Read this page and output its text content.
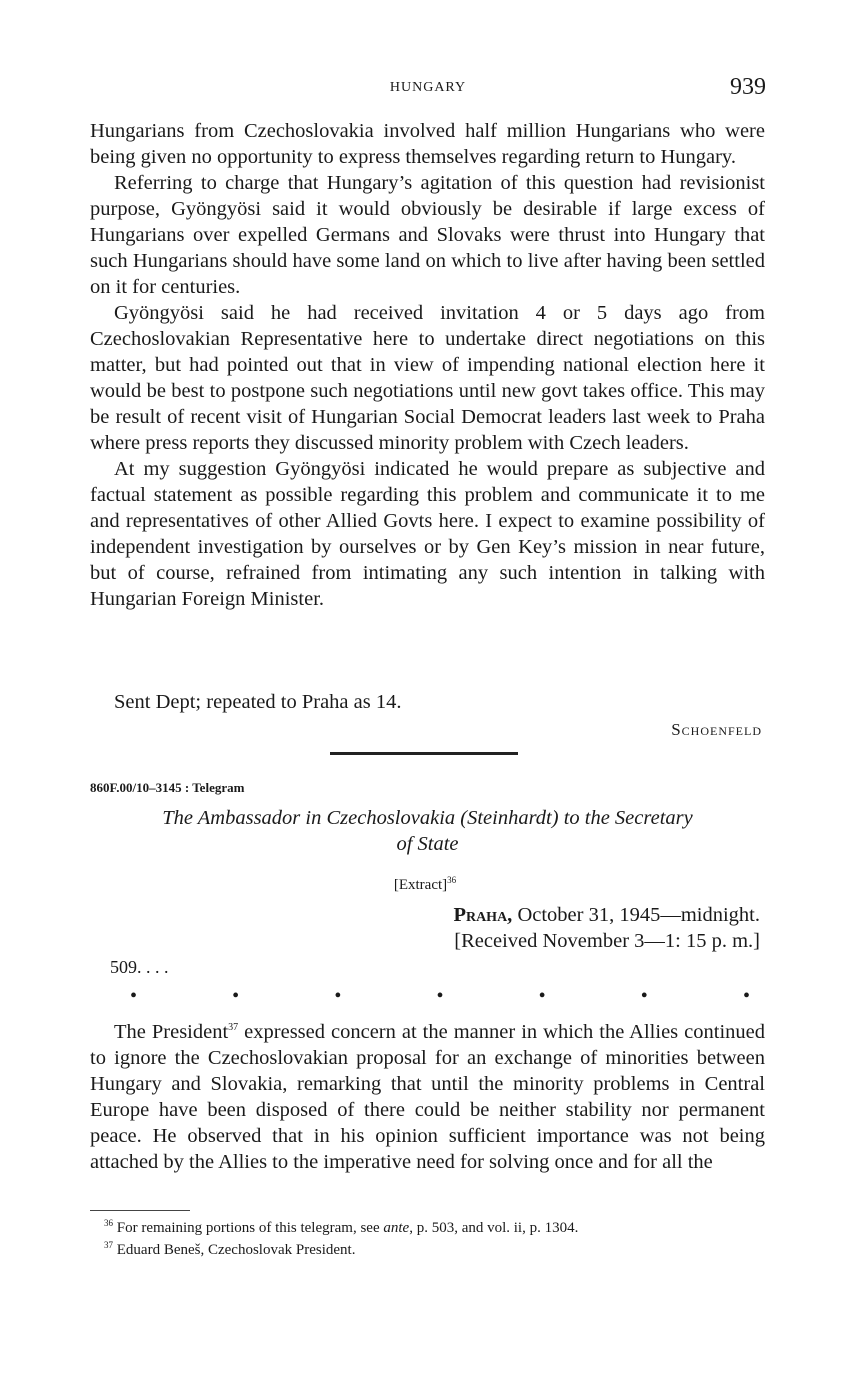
HUNGARY	939

Hungarians from Czechoslovakia involved half million Hungarians who were being given no opportunity to express themselves regarding return to Hungary.

Referring to charge that Hungary’s agitation of this question had revisionist purpose, Gyöngyösi said it would obviously be desirable if large excess of Hungarians over expelled Germans and Slovaks were thrust into Hungary that such Hungarians should have some land on which to live after having been settled on it for centuries.

Gyöngyösi said he had received invitation 4 or 5 days ago from Czechoslovakian Representative here to undertake direct negotiations on this matter, but had pointed out that in view of impending national election here it would be best to postpone such negotiations until new govt takes office. This may be result of recent visit of Hungarian Social Democrat leaders last week to Praha where press reports they discussed minority problem with Czech leaders.

At my suggestion Gyöngyösi indicated he would prepare as subjective and factual statement as possible regarding this problem and communicate it to me and representatives of other Allied Govts here. I expect to examine possibility of independent investigation by ourselves or by Gen Key’s mission in near future, but of course, refrained from intimating any such intention in talking with Hungarian Foreign Minister.

Sent Dept; repeated to Praha as 14.
Schoenfeld
860F.00/10–3145 : Telegram
The Ambassador in Czechoslovakia (Steinhardt) to the Secretary
of State
[Extract]$^{36}$
Praha, October 31, 1945—midnight.
[Received November 3—1: 15 p. m.]
509. . . .
•	•	•	•	•	•	•

The President$^{37}$ expressed concern at the manner in which the Allies continued to ignore the Czechoslovakian proposal for an exchange of minorities between Hungary and Slovakia, remarking that until the minority problems in Central Europe have been disposed of there could be neither stability nor permanent peace. He observed that in his opinion sufficient importance was not being attached by the Allies to the imperative need for solving once and for all the

$^{36}$ For remaining portions of this telegram, see ante, p. 503, and vol. ii, p. 1304.
$^{37}$ Eduard Beneš, Czechoslovak President.
